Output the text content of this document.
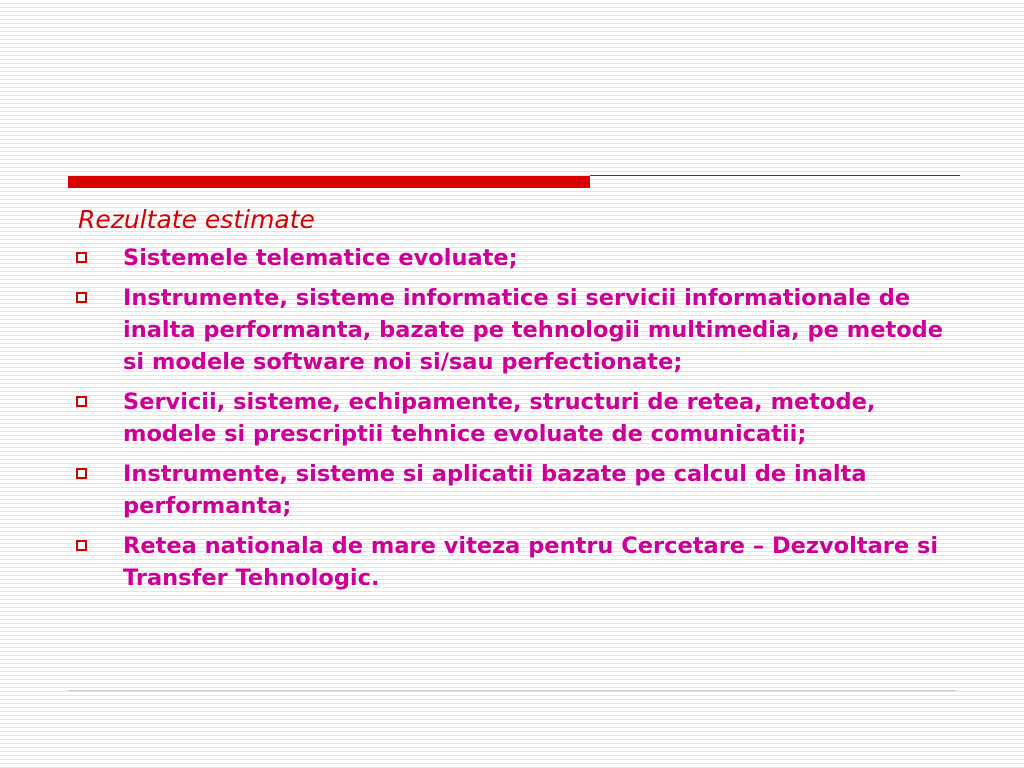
Rezultate estimate
Sistemele telematice evoluate;
Instrumente, sisteme informatice si servicii informationale de inalta performanta, bazate pe tehnologii multimedia, pe metode si modele software noi si/sau perfectionate;
Servicii, sisteme, echipamente, structuri de retea, metode, modele si prescriptii tehnice evoluate de comunicatii;
Instrumente, sisteme si aplicatii bazate pe calcul de inalta performanta;
Retea nationala de mare viteza pentru Cercetare – Dezvoltare si Transfer Tehnologic.
